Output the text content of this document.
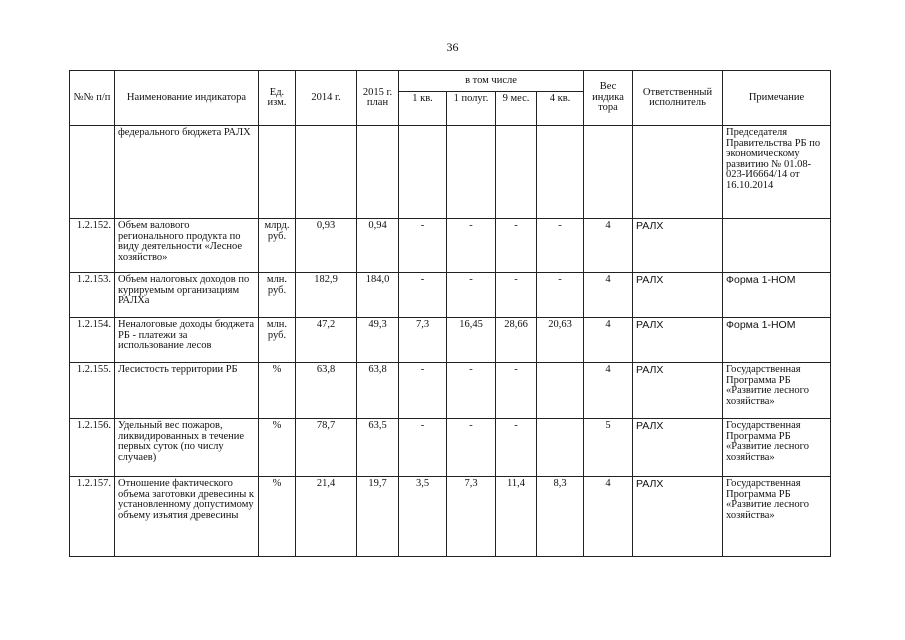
36
№№ п/п	Наименование индикатора	Ед. изм.	2014 г.	2015 г. план	в том числе				Вес индика тора	Ответственный исполнитель	Примечание
					1 кв.	1 полуг.	9 мес.	4 кв.			
	федерального бюджета РАЛХ										Председателя Правительства РБ по экономическому развитию № 01.08-023-И6664/14 от 16.10.2014
1.2.152.	Объем валового регионального продукта по виду деятельности «Лесное хозяйство»	млрд. руб.	0,93	0,94	-	-	-	-	4	РАЛХ	
1.2.153.	Объем налоговых доходов по курируемым организациям РАЛХа	млн. руб.	182,9	184,0	-	-	-	-	4	РАЛХ	Форма 1-НОМ
1.2.154.	Неналоговые доходы бюджета РБ - платежи за использование лесов	млн. руб.	47,2	49,3	7,3	16,45	28,66	20,63	4	РАЛХ	Форма 1-НОМ
1.2.155.	Лесистость территории РБ	%	63,8	63,8	-	-	-		4	РАЛХ	Государственная Программа РБ «Развитие лесного хозяйства»
1.2.156.	Удельный вес пожаров, ликвидированных в течение первых суток (по числу случаев)	%	78,7	63,5	-	-	-		5	РАЛХ	Государственная Программа РБ «Развитие лесного хозяйства»
1.2.157.	Отношение фактического объема заготовки древесины к установленному допустимому объему изъятия древесины	%	21,4	19,7	3,5	7,3	11,4	8,3	4	РАЛХ	Государственная Программа РБ «Развитие лесного хозяйства»
